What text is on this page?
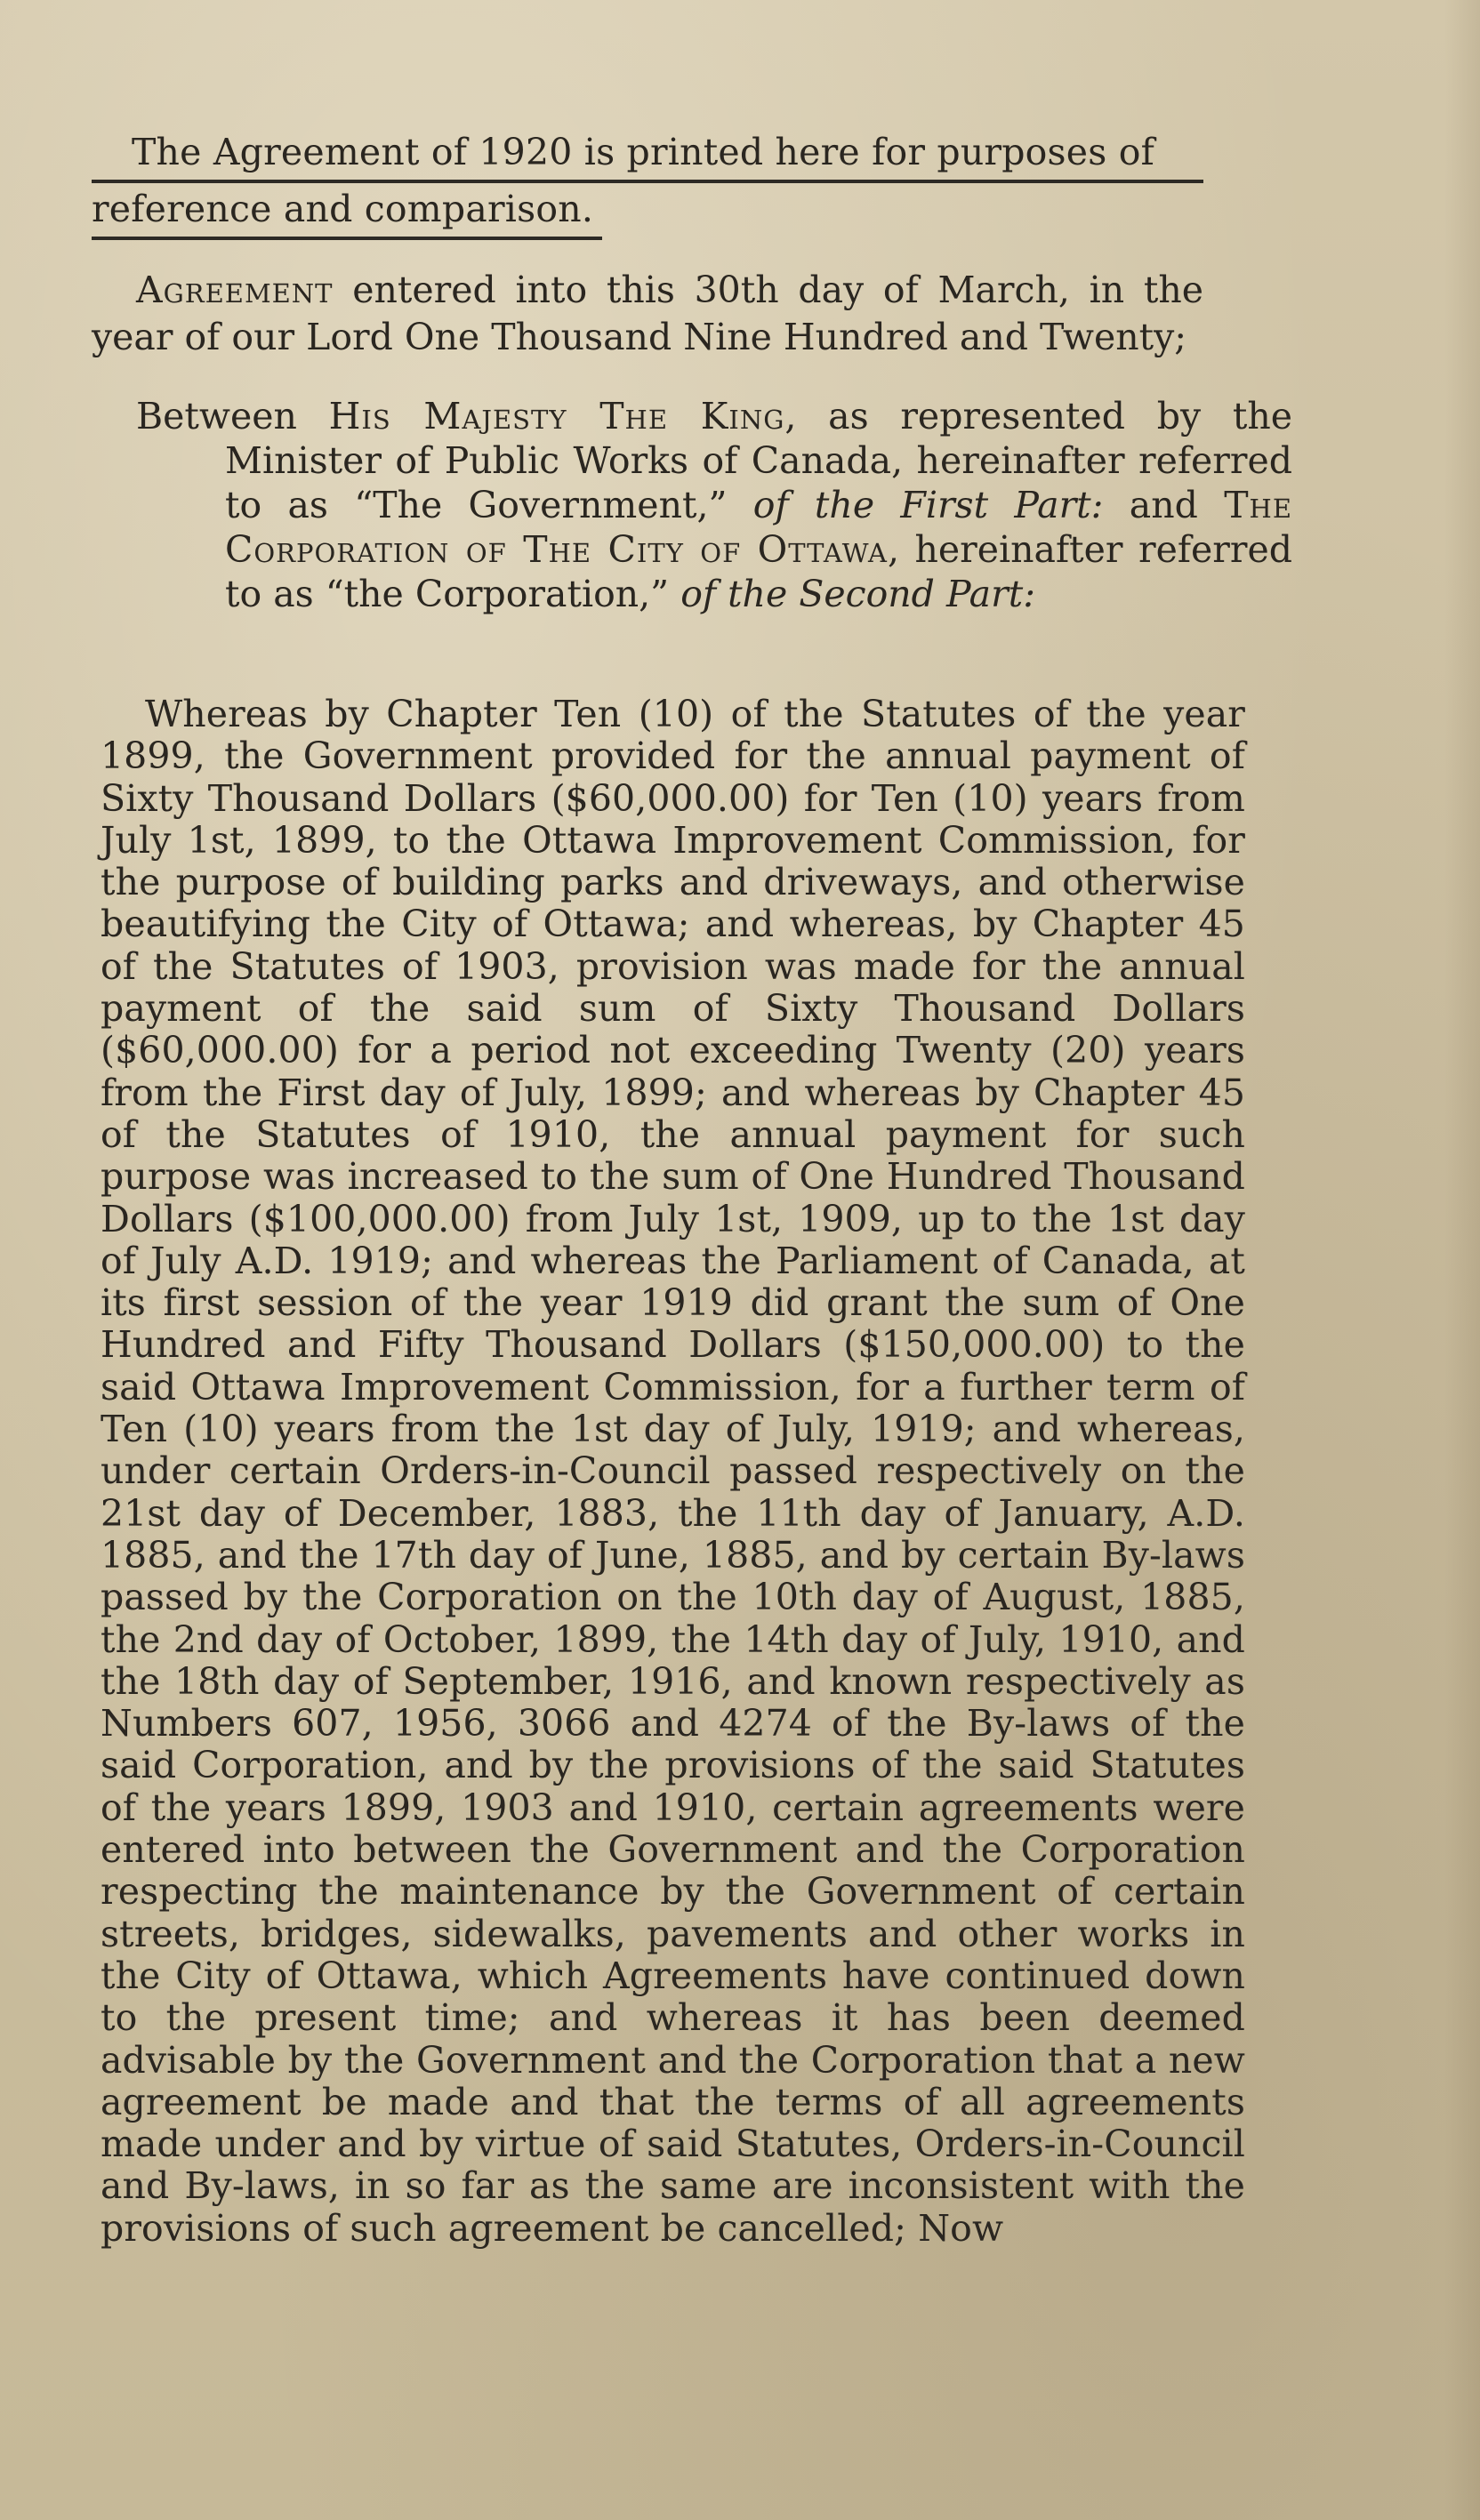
The Agreement of 1920 is printed here for purposes of
reference and comparison.

Agreement entered into this 30th day of March, in the year of our Lord One Thousand Nine Hundred and Twenty;

Between His Majesty The King, as represented by the Minister of Public Works of Canada, hereinafter referred to as “The Government,” of the First Part: and The Corporation of The City of Ottawa, hereinafter referred to as “the Corporation,” of the Second Part:

Whereas by Chapter Ten (10) of the Statutes of the year 1899, the Government provided for the annual payment of Sixty Thousand Dollars ($60,000.00) for Ten (10) years from July 1st, 1899, to the Ottawa Improvement Commission, for the purpose of building parks and driveways, and otherwise beautifying the City of Ottawa; and whereas, by Chapter 45 of the Statutes of 1903, provision was made for the annual payment of the said sum of Sixty Thousand Dollars ($60,000.00) for a period not exceeding Twenty (20) years from the First day of July, 1899; and whereas by Chapter 45 of the Statutes of 1910, the annual payment for such purpose was increased to the sum of One Hundred Thousand Dollars ($100,000.00) from July 1st, 1909, up to the 1st day of July A.D. 1919; and whereas the Parliament of Canada, at its first session of the year 1919 did grant the sum of One Hundred and Fifty Thousand Dollars ($150,000.00) to the said Ottawa Improvement Commission, for a further term of Ten (10) years from the 1st day of July, 1919; and whereas, under certain Orders-in-Council passed respectively on the 21st day of December, 1883, the 11th day of January, A.D. 1885, and the 17th day of June, 1885, and by certain By-laws passed by the Corporation on the 10th day of August, 1885, the 2nd day of October, 1899, the 14th day of July, 1910, and the 18th day of September, 1916, and known respectively as Numbers 607, 1956, 3066 and 4274 of the By-laws of the said Corporation, and by the provisions of the said Statutes of the years 1899, 1903 and 1910, certain agreements were entered into between the Government and the Corporation respecting the maintenance by the Government of certain streets, bridges, sidewalks, pavements and other works in the City of Ottawa, which Agreements have continued down to the present time; and whereas it has been deemed advisable by the Government and the Corporation that a new agreement be made and that the terms of all agreements made under and by virtue of said Statutes, Orders-in-Council and By-laws, in so far as the same are inconsistent with the provisions of such agreement be cancelled; Now
